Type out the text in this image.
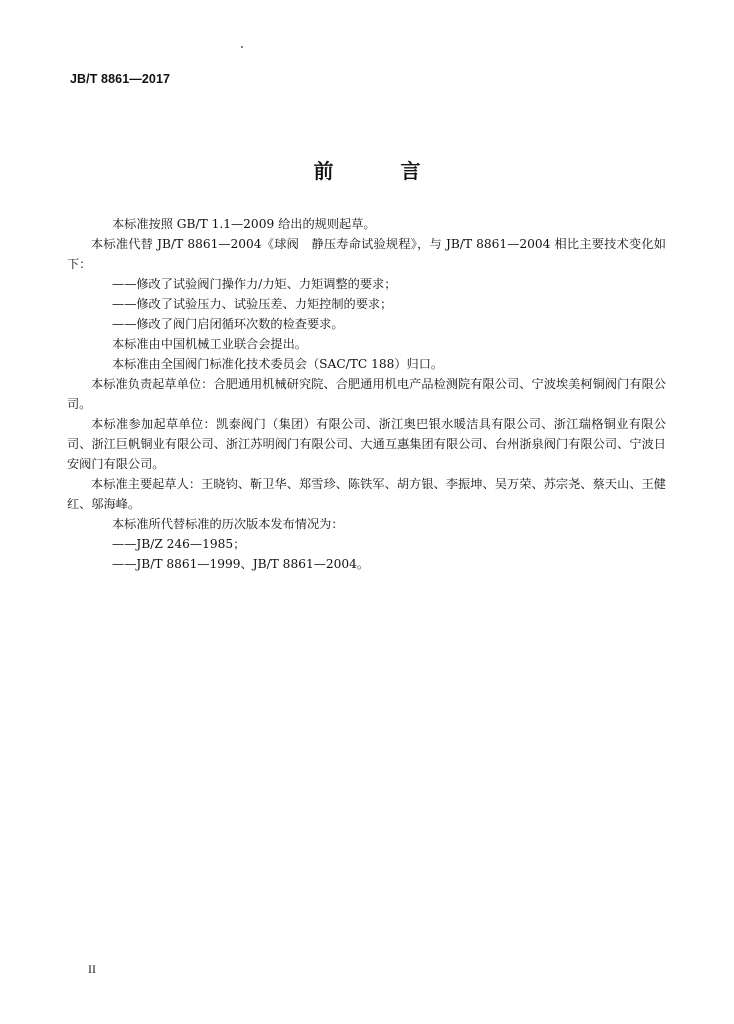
JB/T 8861—2017
前 言

本标准按照 GB/T 1.1—2009 给出的规则起草。

本标准代替 JB/T 8861—2004《球阀　静压寿命试验规程》，与 JB/T 8861—2004 相比主要技术变化如下：

——修改了试验阀门操作力/力矩、力矩调整的要求；

——修改了试验压力、试验压差、力矩控制的要求；

——修改了阀门启闭循环次数的检查要求。

本标准由中国机械工业联合会提出。

本标准由全国阀门标准化技术委员会（SAC/TC 188）归口。

本标准负责起草单位：合肥通用机械研究院、合肥通用机电产品检测院有限公司、宁波埃美柯铜阀门有限公司。

本标准参加起草单位：凯泰阀门（集团）有限公司、浙江奥巴银水暖洁具有限公司、浙江瑞格铜业有限公司、浙江巨帆铜业有限公司、浙江苏明阀门有限公司、大通互惠集团有限公司、台州浙泉阀门有限公司、宁波日安阀门有限公司。

本标准主要起草人：王晓钧、靳卫华、郑雪珍、陈铁军、胡方银、李振坤、吴万荣、苏宗尧、蔡天山、王健红、邬海峰。

本标准所代替标准的历次版本发布情况为：

——JB/Z 246—1985；

——JB/T 8861—1999、JB/T 8861—2004。

II
